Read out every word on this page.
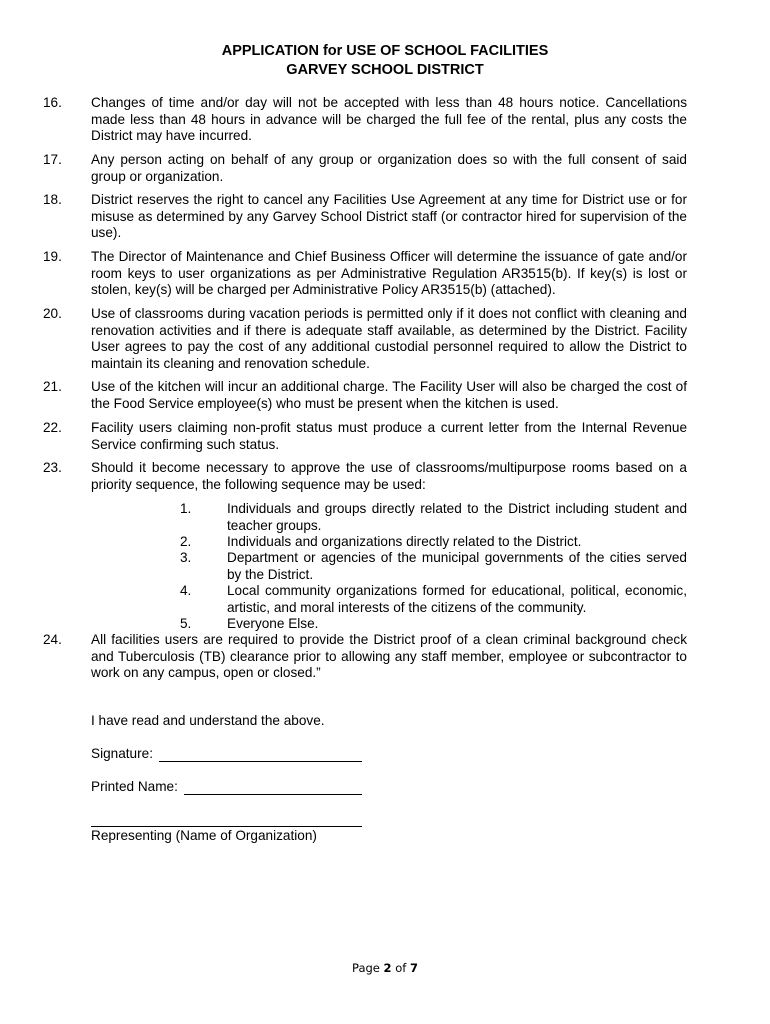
APPLICATION for USE OF SCHOOL FACILITIES
GARVEY SCHOOL DISTRICT
16. Changes of time and/or day will not be accepted with less than 48 hours notice. Cancellations made less than 48 hours in advance will be charged the full fee of the rental, plus any costs the District may have incurred.
17. Any person acting on behalf of any group or organization does so with the full consent of said group or organization.
18. District reserves the right to cancel any Facilities Use Agreement at any time for District use or for misuse as determined by any Garvey School District staff (or contractor hired for supervision of the use).
19. The Director of Maintenance and Chief Business Officer will determine the issuance of gate and/or room keys to user organizations as per Administrative Regulation AR3515(b). If key(s) is lost or stolen, key(s) will be charged per Administrative Policy AR3515(b) (attached).
20. Use of classrooms during vacation periods is permitted only if it does not conflict with cleaning and renovation activities and if there is adequate staff available, as determined by the District. Facility User agrees to pay the cost of any additional custodial personnel required to allow the District to maintain its cleaning and renovation schedule.
21. Use of the kitchen will incur an additional charge. The Facility User will also be charged the cost of the Food Service employee(s) who must be present when the kitchen is used.
22. Facility users claiming non-profit status must produce a current letter from the Internal Revenue Service confirming such status.
23. Should it become necessary to approve the use of classrooms/multipurpose rooms based on a priority sequence, the following sequence may be used:
1.	Individuals and groups directly related to the District including student and teacher groups.
2.	Individuals and organizations directly related to the District.
3.	Department or agencies of the municipal governments of the cities served by the District.
4.	Local community organizations formed for educational, political, economic, artistic, and moral interests of the citizens of the community.
5.	Everyone Else.
24. All facilities users are required to provide the District proof of a clean criminal background check and Tuberculosis (TB) clearance prior to allowing any staff member, employee or subcontractor to work on any campus, open or closed.”
I have read and understand the above.
Signature:
Printed Name:
Representing (Name of Organization)
Page 2 of 7
